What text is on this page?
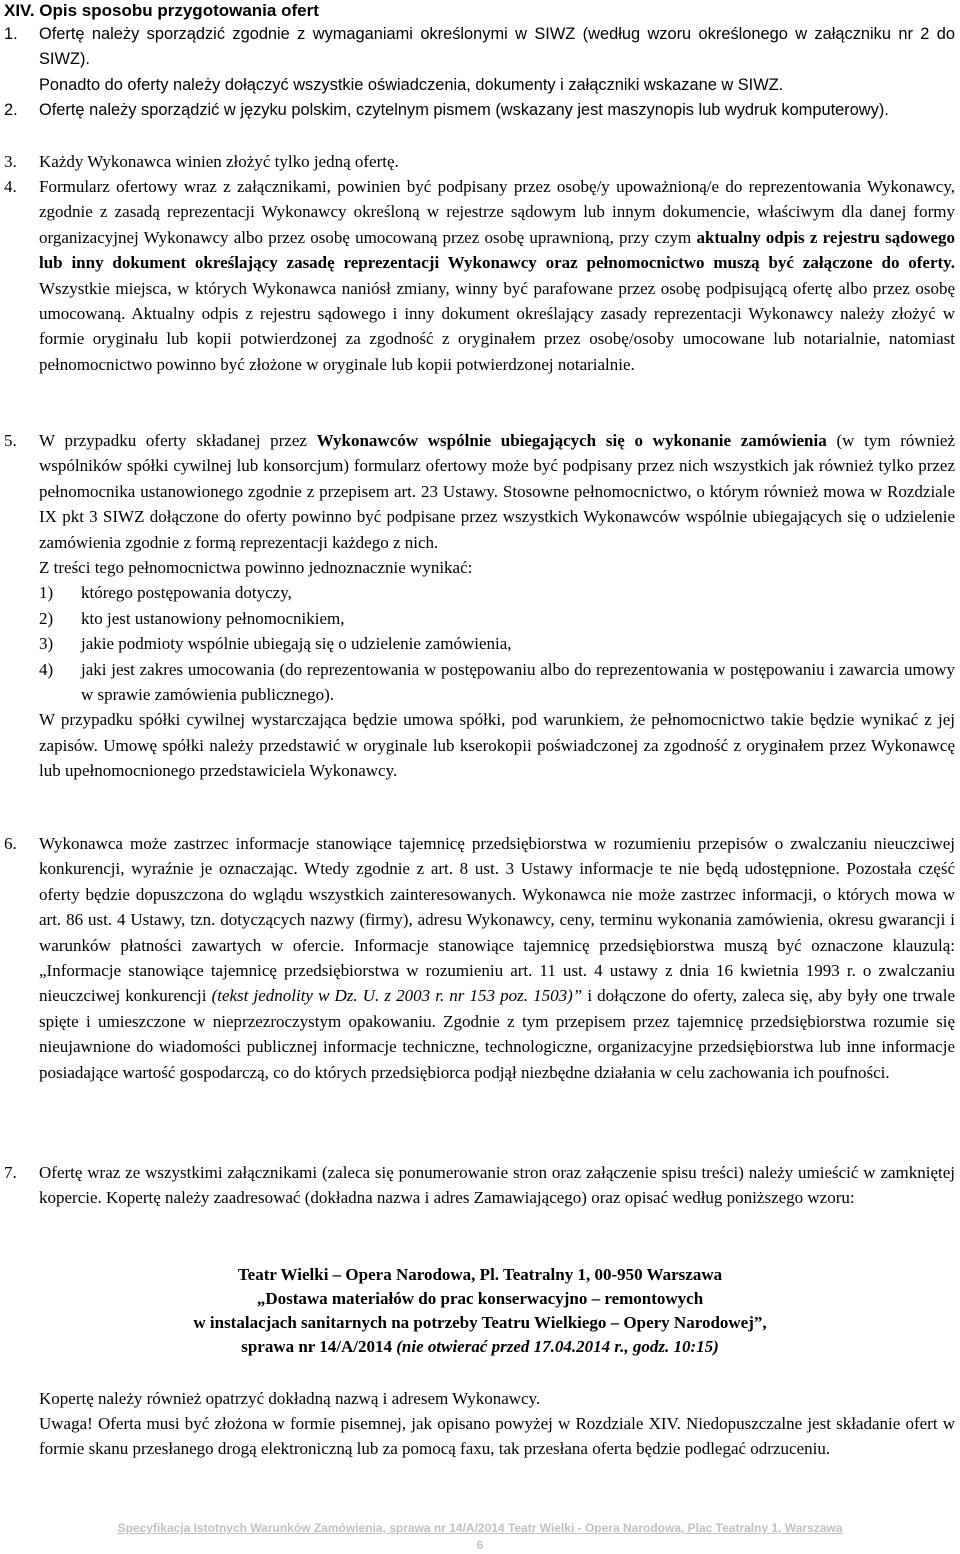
XIV. Opis sposobu przygotowania ofert
1.	Ofertę należy sporządzić zgodnie z wymaganiami określonymi w SIWZ (według wzoru określonego w załączniku nr 2 do SIWZ).
Ponadto do oferty należy dołączyć wszystkie oświadczenia, dokumenty i załączniki wskazane w SIWZ.
2.	Ofertę należy sporządzić w języku polskim, czytelnym pismem (wskazany jest maszynopis lub wydruk komputerowy).
3.	Każdy Wykonawca winien złożyć tylko jedną ofertę.
4.	Formularz ofertowy wraz z załącznikami, powinien być podpisany przez osobę/y upoważnioną/e do reprezentowania Wykonawcy, zgodnie z zasadą reprezentacji Wykonawcy określoną w rejestrze sądowym lub innym dokumencie, właściwym dla danej formy organizacyjnej Wykonawcy albo przez osobę umocowaną przez osobę uprawnioną, przy czym aktualny odpis z rejestru sądowego lub inny dokument określający zasadę reprezentacji Wykonawcy oraz pełnomocnictwo muszą być załączone do oferty. Wszystkie miejsca, w których Wykonawca naniósł zmiany, winny być parafowane przez osobę podpisującą ofertę albo przez osobę umocowaną. Aktualny odpis z rejestru sądowego i inny dokument określający zasady reprezentacji Wykonawcy należy złożyć w formie oryginału lub kopii potwierdzonej za zgodność z oryginałem przez osobę/osoby umocowane lub notarialnie, natomiast pełnomocnictwo powinno być złożone w oryginale lub kopii potwierdzonej notarialnie.
5.	W przypadku oferty składanej przez Wykonawców wspólnie ubiegających się o wykonanie zamówienia (w tym również wspólników spółki cywilnej lub konsorcjum) formularz ofertowy może być podpisany przez nich wszystkich jak również tylko przez pełnomocnika ustanowionego zgodnie z przepisem art. 23 Ustawy. Stosowne pełnomocnictwo, o którym również mowa w Rozdziale IX pkt 3 SIWZ dołączone do oferty powinno być podpisane przez wszystkich Wykonawców wspólnie ubiegających się o udzielenie zamówienia zgodnie z formą reprezentacji każdego z nich.
Z treści tego pełnomocnictwa powinno jednoznacznie wynikać:
1)	którego postępowania dotyczy,
2)	kto jest ustanowiony pełnomocnikiem,
3)	jakie podmioty wspólnie ubiegają się o udzielenie zamówienia,
4)	jaki jest zakres umocowania (do reprezentowania w postępowaniu albo do reprezentowania w postępowaniu i zawarcia umowy w sprawie zamówienia publicznego).
W przypadku spółki cywilnej wystarczająca będzie umowa spółki, pod warunkiem, że pełnomocnictwo takie będzie wynikać z jej zapisów. Umowę spółki należy przedstawić w oryginale lub kserokopii poświadczonej za zgodność z oryginałem przez Wykonawcę lub upełnomocnionego przedstawiciela Wykonawcy.
6.	Wykonawca może zastrzec informacje stanowiące tajemnicę przedsiębiorstwa w rozumieniu przepisów o zwalczaniu nieuczciwej konkurencji, wyraźnie je oznaczając. Wtedy zgodnie z art. 8 ust. 3 Ustawy informacje te nie będą udostępnione. Pozostała część oferty będzie dopuszczona do wglądu wszystkich zainteresowanych. Wykonawca nie może zastrzec informacji, o których mowa w art. 86 ust. 4 Ustawy, tzn. dotyczących nazwy (firmy), adresu Wykonawcy, ceny, terminu wykonania zamówienia, okresu gwarancji i warunków płatności zawartych w ofercie. Informacje stanowiące tajemnicę przedsiębiorstwa muszą być oznaczone klauzulą: „Informacje stanowiące tajemnicę przedsiębiorstwa w rozumieniu art. 11 ust. 4 ustawy z dnia 16 kwietnia 1993 r. o zwalczaniu nieuczciwej konkurencji (tekst jednolity w Dz. U. z 2003 r. nr 153 poz. 1503)” i dołączone do oferty, zaleca się, aby były one trwale spięte i umieszczone w nieprzezroczystym opakowaniu. Zgodnie z tym przepisem przez tajemnicę przedsiębiorstwa rozumie się nieujawnione do wiadomości publicznej informacje techniczne, technologiczne, organizacyjne przedsiębiorstwa lub inne informacje posiadające wartość gospodarczą, co do których przedsiębiorca podjął niezbędne działania w celu zachowania ich poufności.
7.	Ofertę wraz ze wszystkimi załącznikami (zaleca się ponumerowanie stron oraz załączenie spisu treści) należy umieścić w zamkniętej kopercie. Kopertę należy zaadresować (dokładna nazwa i adres Zamawiającego) oraz opisać według poniższego wzoru:
Teatr Wielki – Opera Narodowa, Pl. Teatralny 1, 00-950 Warszawa
„Dostawa materiałów do prac konserwacyjno – remontowych
w instalacjach sanitarnych na potrzeby Teatru Wielkiego – Opery Narodowej”,
sprawa nr 14/A/2014 (nie otwierać przed 17.04.2014 r., godz. 10:15)
Kopertę należy również opatrzyć dokładną nazwą i adresem Wykonawcy.
Uwaga! Oferta musi być złożona w formie pisemnej, jak opisano powyżej w Rozdziale XIV. Niedopuszczalne jest składanie ofert w formie skanu przesłanego drogą elektroniczną lub za pomocą faxu, tak przesłana oferta będzie podlegać odrzuceniu.
Specyfikacja Istotnych Warunków Zamówienia, sprawa nr 14/A/2014 Teatr Wielki - Opera Narodowa, Plac Teatralny 1, Warszawa
6
